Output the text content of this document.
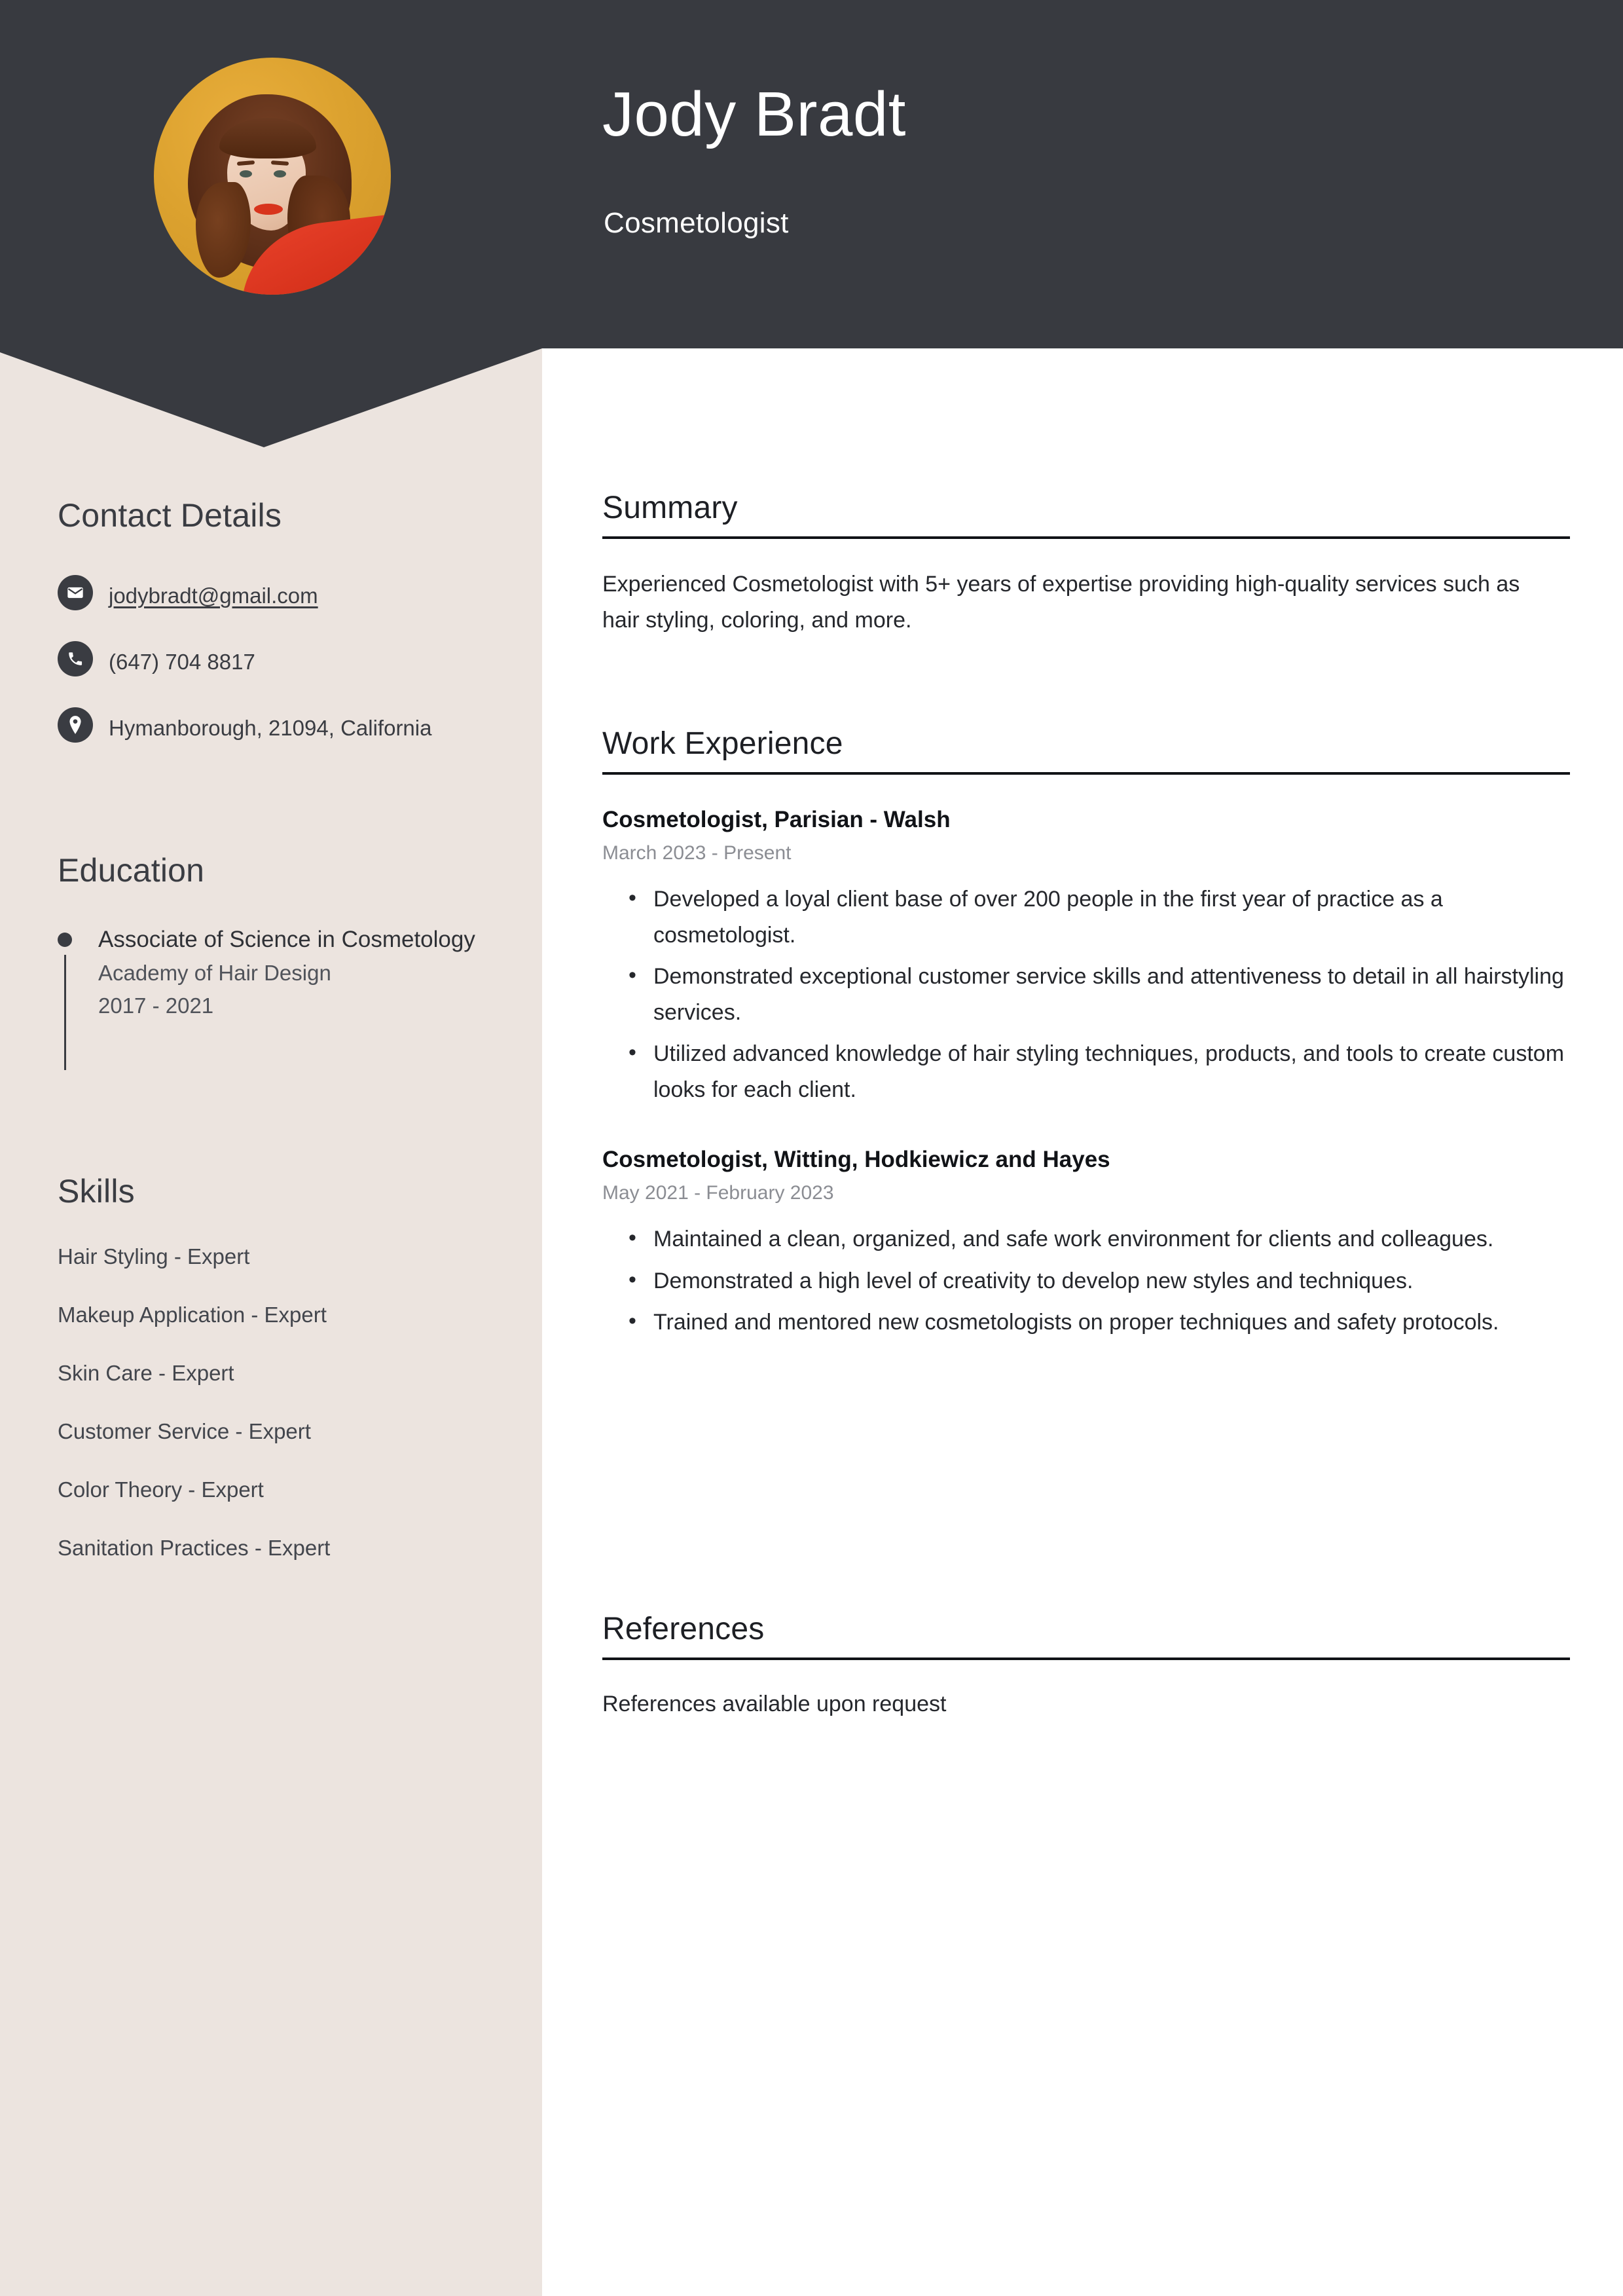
Jody Bradt
Cosmetologist
Contact Details
jodybradt@gmail.com
(647) 704 8817
Hymanborough, 21094, California
Education
Associate of Science in Cosmetology
Academy of Hair Design
2017 - 2021
Skills
Hair Styling - Expert
Makeup Application - Expert
Skin Care - Expert
Customer Service - Expert
Color Theory - Expert
Sanitation Practices - Expert
Summary
Experienced Cosmetologist with 5+ years of expertise providing high-quality services such as hair styling, coloring, and more.
Work Experience
Cosmetologist, Parisian - Walsh
March 2023 - Present
• Developed a loyal client base of over 200 people in the first year of practice as a cosmetologist.
• Demonstrated exceptional customer service skills and attentiveness to detail in all hairstyling services.
• Utilized advanced knowledge of hair styling techniques, products, and tools to create custom looks for each client.
Cosmetologist, Witting, Hodkiewicz and Hayes
May 2021 - February 2023
• Maintained a clean, organized, and safe work environment for clients and colleagues.
• Demonstrated a high level of creativity to develop new styles and techniques.
• Trained and mentored new cosmetologists on proper techniques and safety protocols.
References
References available upon request
